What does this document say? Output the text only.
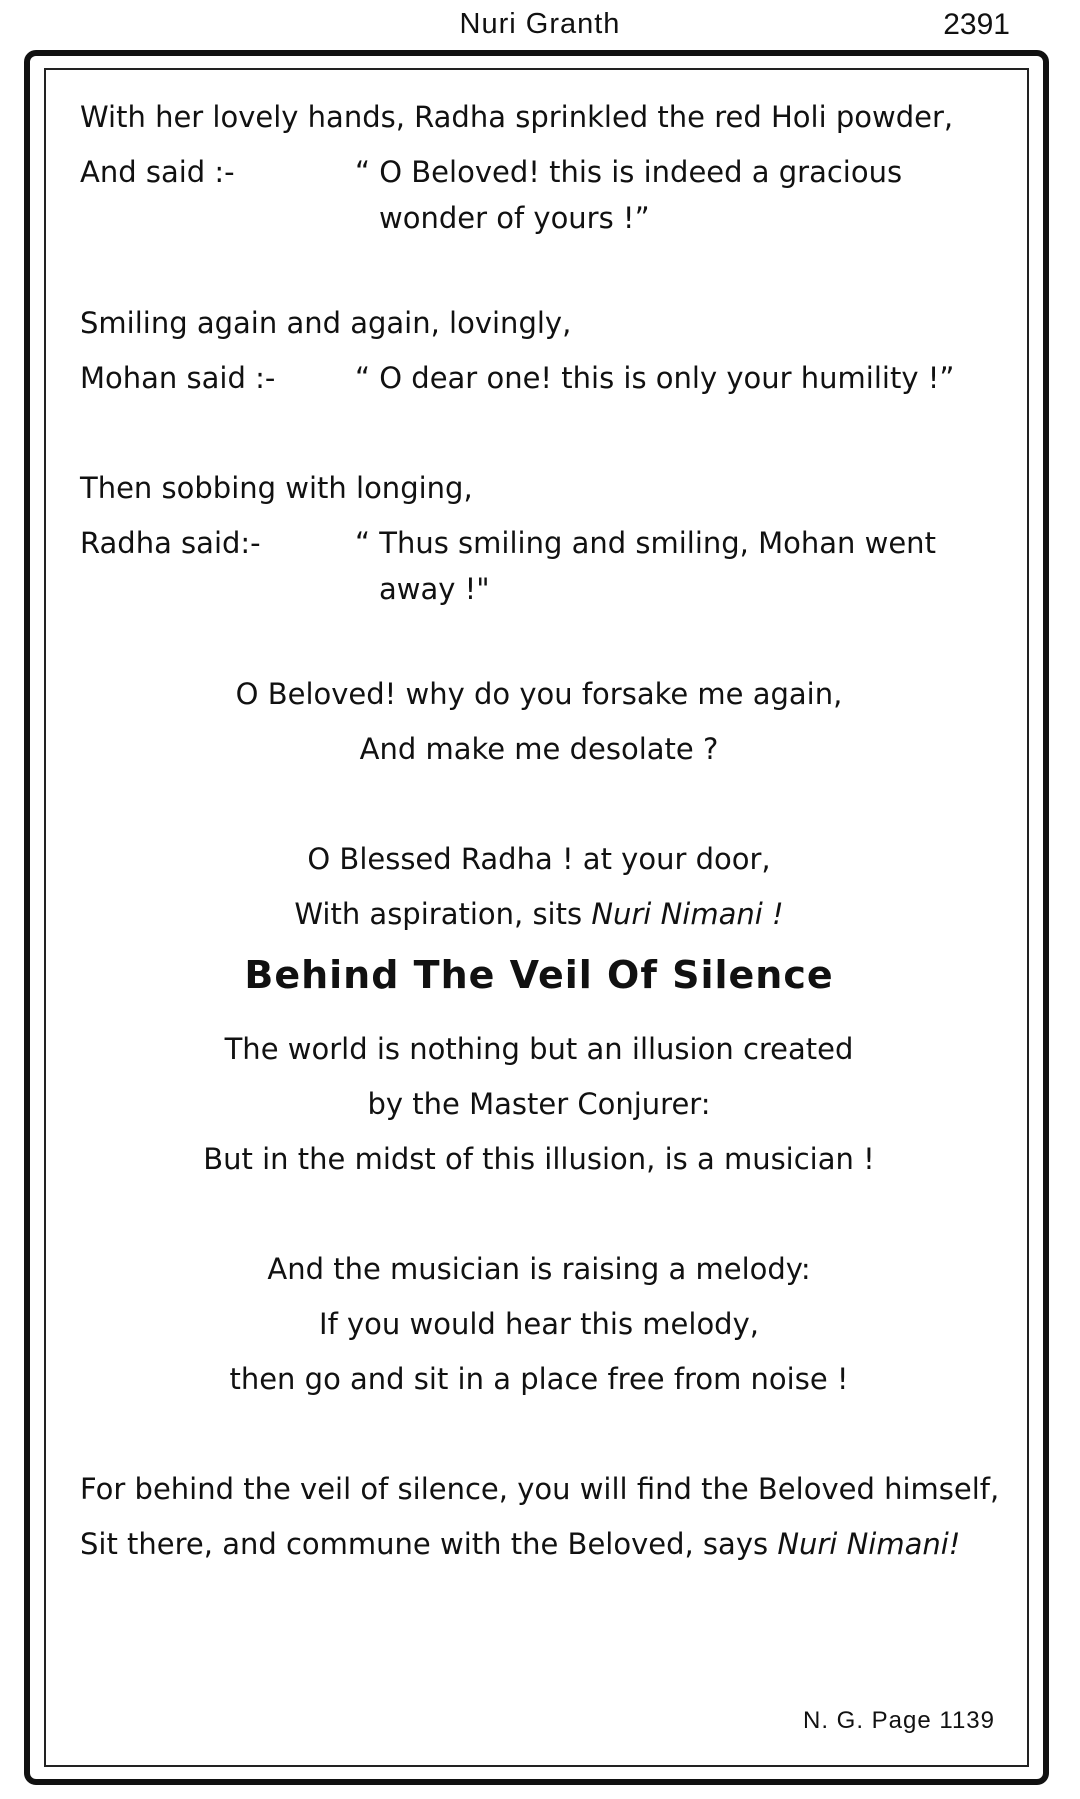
Nuri Granth	2391
With her lovely hands, Radha sprinkled the red Holi powder,
And said :-	“ O Beloved! this is indeed a gracious wonder of yours !”
Smiling again and again, lovingly,
Mohan said :-	“ O dear one! this is only your humility !”
Then sobbing with longing,
Radha said:-	“ Thus smiling and smiling, Mohan went away !"
O Beloved! why do you forsake me again,
And make me desolate ?
O Blessed Radha ! at your door,
With aspiration, sits Nuri Nimani !
Behind The Veil Of Silence
The world is nothing but an illusion created
by the Master Conjurer:
But in the midst of this illusion, is a musician !
And the musician is raising a melody:
If you would hear this melody,
then go and sit in a place free from noise !
For behind the veil of silence, you will find the Beloved himself,
Sit there, and commune with the Beloved, says Nuri Nimani!
N. G. Page 1139
